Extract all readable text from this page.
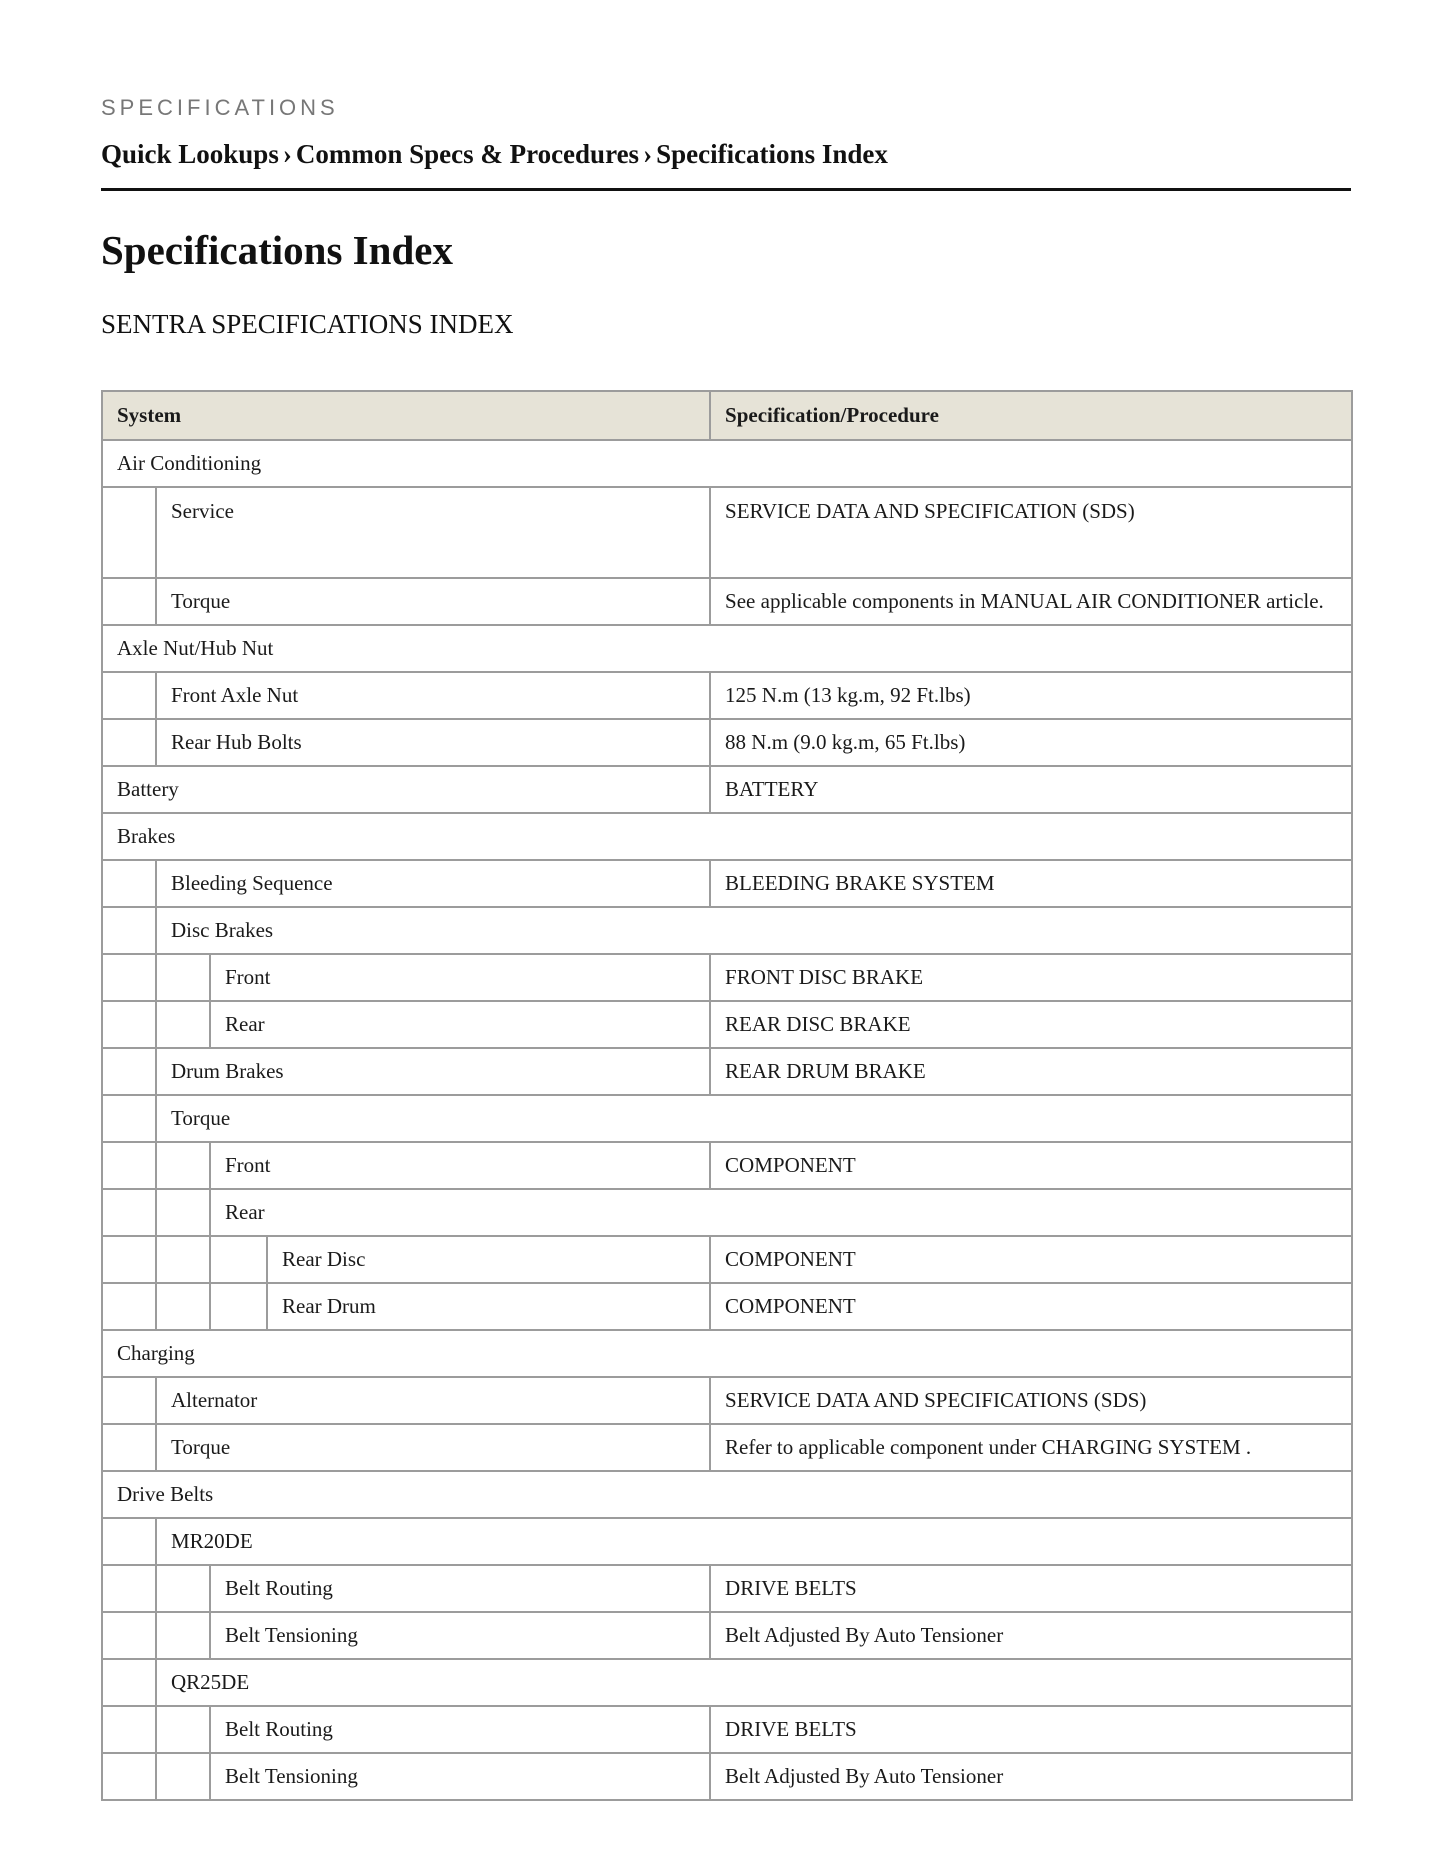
SPECIFICATIONS
Quick Lookups › Common Specs & Procedures › Specifications Index
Specifications Index
SENTRA SPECIFICATIONS INDEX
System				Specification/Procedure
Air Conditioning				
	Service			SERVICE DATA AND SPECIFICATION (SDS)
	Torque			See applicable components in MANUAL AIR CONDITIONER article.
Axle Nut/Hub Nut				
	Front Axle Nut			125 N.m (13 kg.m, 92 Ft.lbs)
	Rear Hub Bolts			88 N.m (9.0 kg.m, 65 Ft.lbs)
Battery				BATTERY
Brakes				
	Bleeding Sequence			BLEEDING BRAKE SYSTEM
	Disc Brakes			
		Front		FRONT DISC BRAKE
		Rear		REAR DISC BRAKE
	Drum Brakes			REAR DRUM BRAKE
	Torque			
		Front		COMPONENT
		Rear		
			Rear Disc	COMPONENT
			Rear Drum	COMPONENT
Charging				
	Alternator			SERVICE DATA AND SPECIFICATIONS (SDS)
	Torque			Refer to applicable component under CHARGING SYSTEM .
Drive Belts				
	MR20DE			
		Belt Routing		DRIVE BELTS
		Belt Tensioning		Belt Adjusted By Auto Tensioner
	QR25DE			
		Belt Routing		DRIVE BELTS
		Belt Tensioning		Belt Adjusted By Auto Tensioner
